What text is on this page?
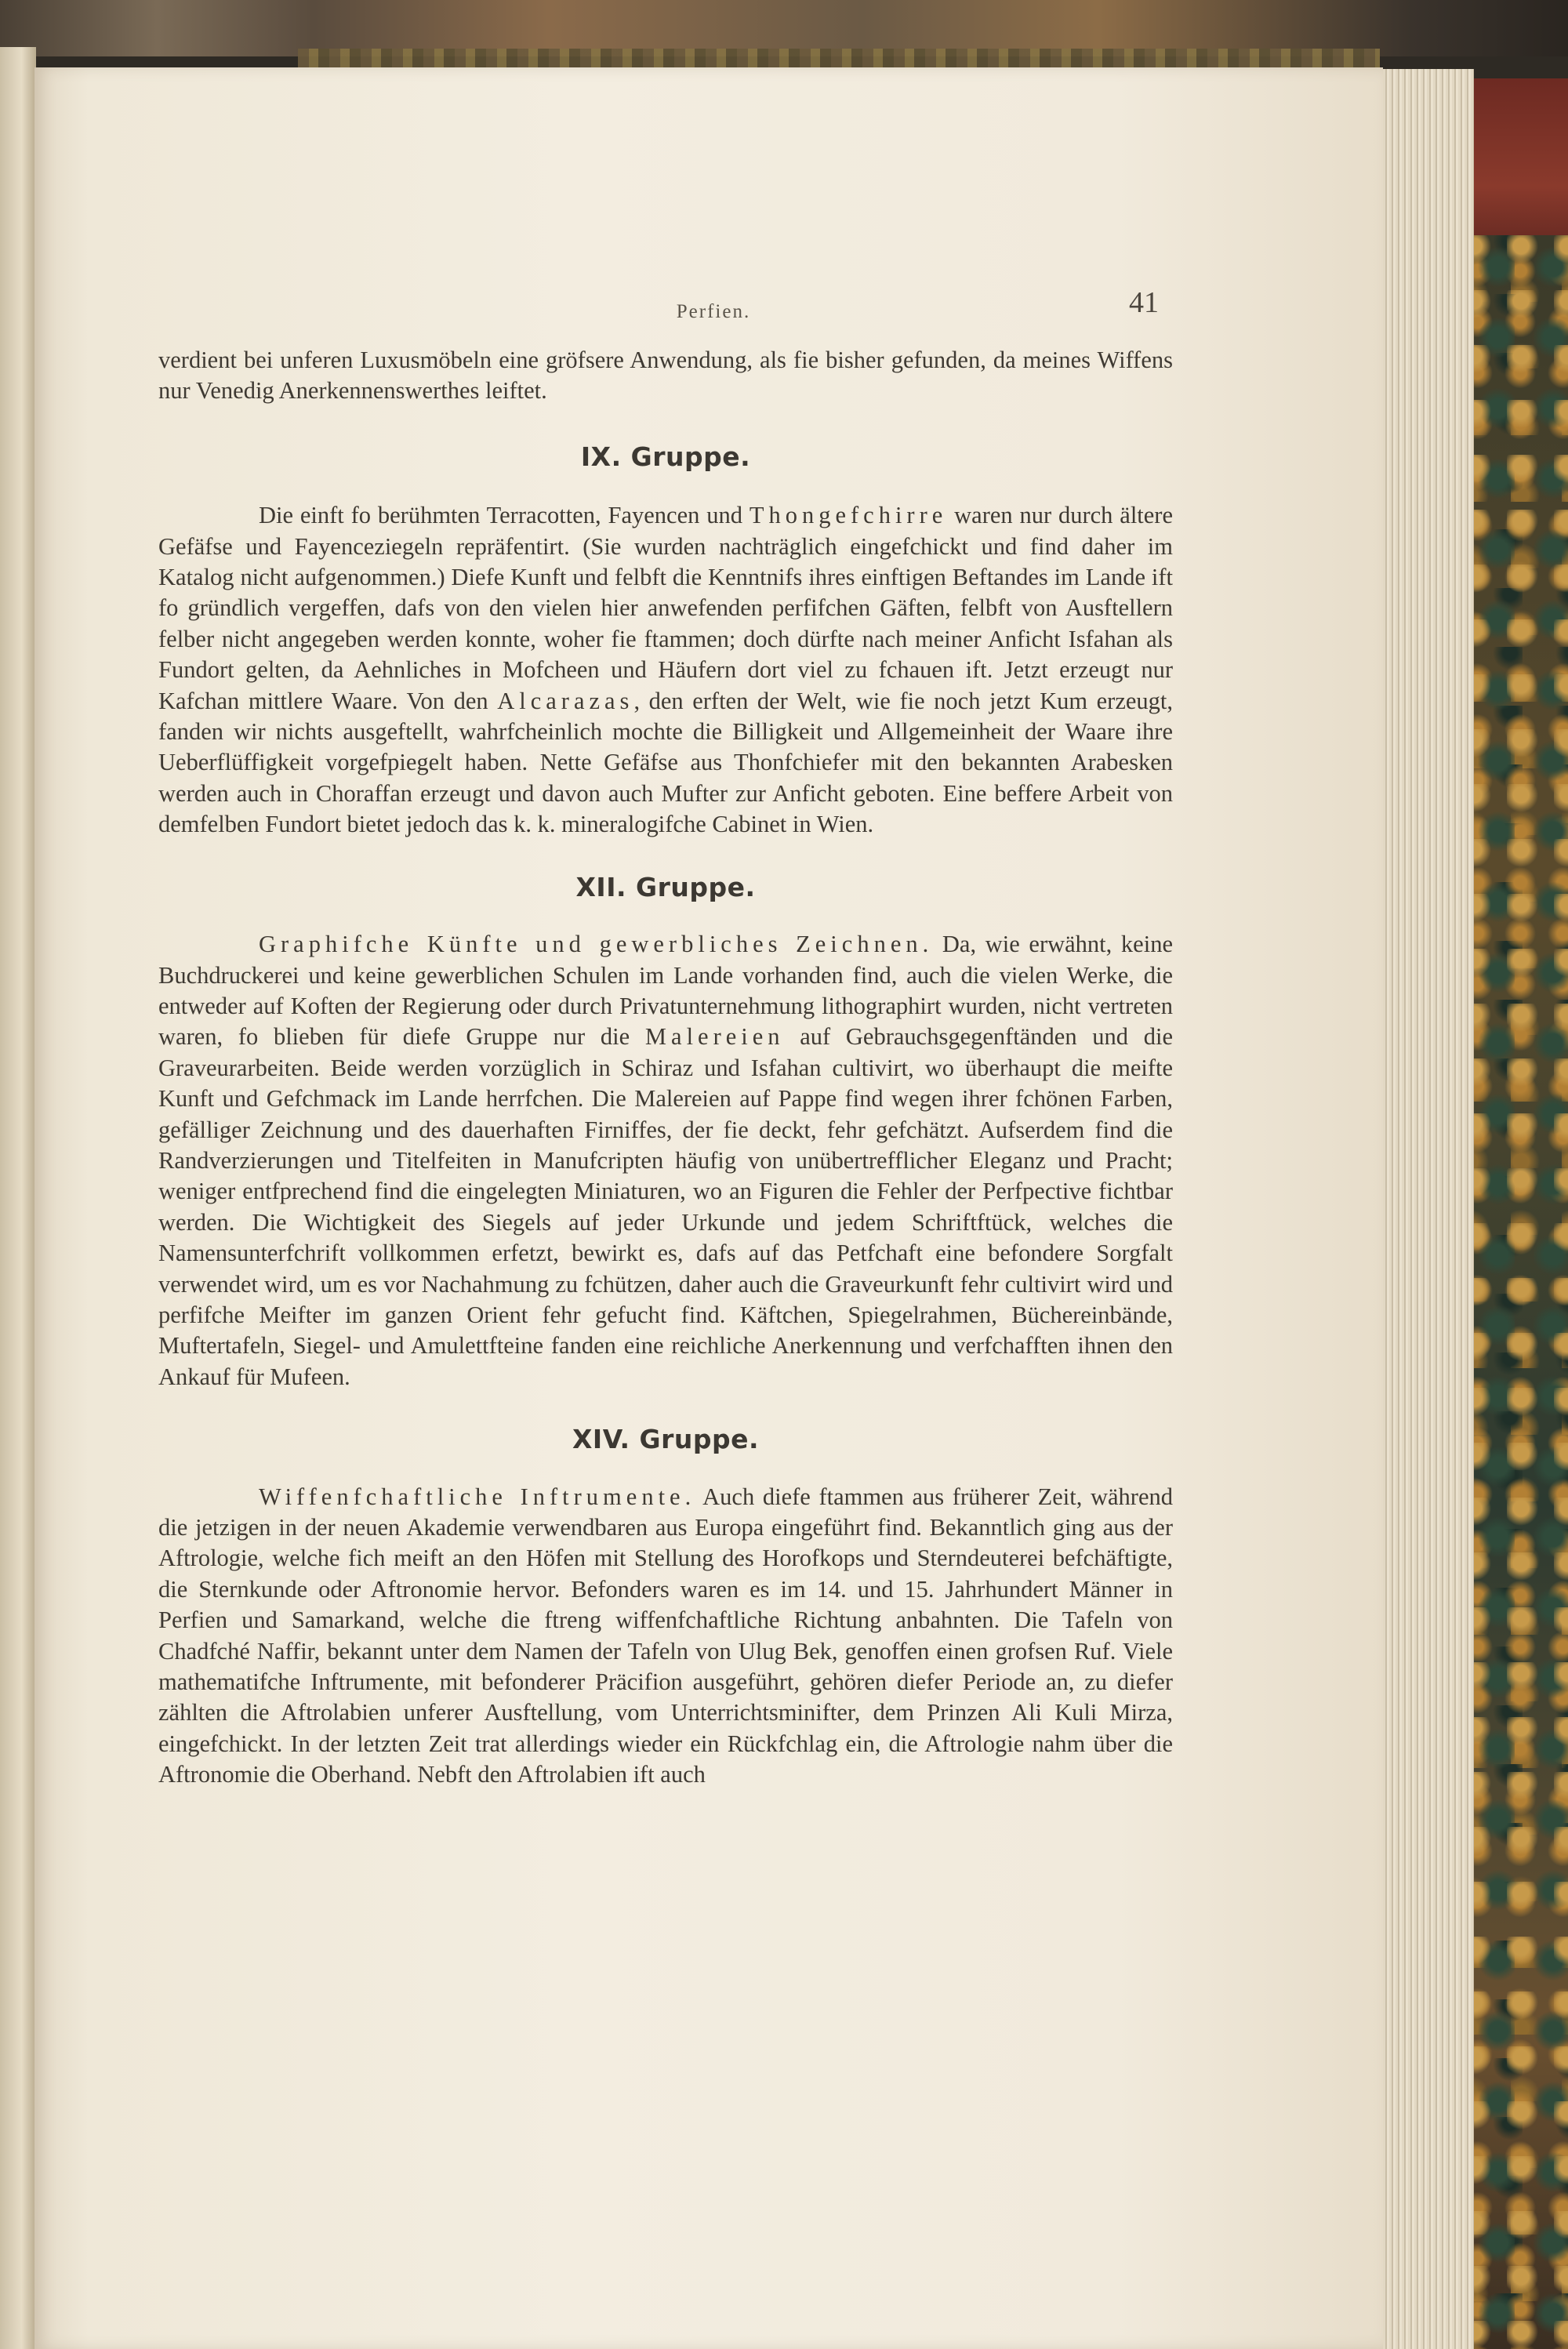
Perfien.	41

verdient bei unferen Luxusmöbeln eine gröfsere Anwendung, als fie bisher gefunden, da meines Wiffens nur Venedig Anerkennenswerthes leiftet.

IX. Gruppe.

Die einft fo berühmten Terracotten, Fayencen und Thongefchirre waren nur durch ältere Gefäfse und Fayenceziegeln repräfentirt. (Sie wurden nachträglich eingefchickt und find daher im Katalog nicht aufgenommen.) Diefe Kunft und felbft die Kenntnifs ihres einftigen Beftandes im Lande ift fo gründlich vergeffen, dafs von den vielen hier anwefenden perfifchen Gäften, felbft von Ausftellern felber nicht angegeben werden konnte, woher fie ftammen; doch dürfte nach meiner Anficht Isfahan als Fundort gelten, da Aehnliches in Mofcheen und Häufern dort viel zu fchauen ift. Jetzt erzeugt nur Kafchan mittlere Waare. Von den Alcarazas, den erften der Welt, wie fie noch jetzt Kum erzeugt, fanden wir nichts ausgeftellt, wahrfcheinlich mochte die Billigkeit und Allgemeinheit der Waare ihre Ueberflüffigkeit vorgefpiegelt haben. Nette Gefäfse aus Thonfchiefer mit den bekannten Arabesken werden auch in Choraffan erzeugt und davon auch Mufter zur Anficht geboten. Eine beffere Arbeit von demfelben Fundort bietet jedoch das k. k. mineralogifche Cabinet in Wien.

XII. Gruppe.

Graphifche Künfte und gewerbliches Zeichnen. Da, wie erwähnt, keine Buchdruckerei und keine gewerblichen Schulen im Lande vorhanden find, auch die vielen Werke, die entweder auf Koften der Regierung oder durch Privatunternehmung lithographirt wurden, nicht vertreten waren, fo blieben für diefe Gruppe nur die Malereien auf Gebrauchsgegenftänden und die Graveurarbeiten. Beide werden vorzüglich in Schiraz und Isfahan cultivirt, wo überhaupt die meifte Kunft und Gefchmack im Lande herrfchen. Die Malereien auf Pappe find wegen ihrer fchönen Farben, gefälliger Zeichnung und des dauerhaften Firniffes, der fie deckt, fehr gefchätzt. Aufserdem find die Randverzierungen und Titelfeiten in Manufcripten häufig von unübertrefflicher Eleganz und Pracht; weniger entfprechend find die eingelegten Miniaturen, wo an Figuren die Fehler der Perfpective fichtbar werden. Die Wichtigkeit des Siegels auf jeder Urkunde und jedem Schriftftück, welches die Namensunterfchrift vollkommen erfetzt, bewirkt es, dafs auf das Petfchaft eine befondere Sorgfalt verwendet wird, um es vor Nachahmung zu fchützen, daher auch die Graveurkunft fehr cultivirt wird und perfifche Meifter im ganzen Orient fehr gefucht find. Käftchen, Spiegelrahmen, Büchereinbände, Muftertafeln, Siegel- und Amulettfteine fanden eine reichliche Anerkennung und verfchafften ihnen den Ankauf für Mufeen.

XIV. Gruppe.

Wiffenfchaftliche Inftrumente. Auch diefe ftammen aus früherer Zeit, während die jetzigen in der neuen Akademie verwendbaren aus Europa eingeführt find. Bekanntlich ging aus der Aftrologie, welche fich meift an den Höfen mit Stellung des Horofkops und Sterndeuterei befchäftigte, die Sternkunde oder Aftronomie hervor. Befonders waren es im 14. und 15. Jahrhundert Männer in Perfien und Samarkand, welche die ftreng wiffenfchaftliche Richtung anbahnten. Die Tafeln von Chadfché Naffir, bekannt unter dem Namen der Tafeln von Ulug Bek, genoffen einen grofsen Ruf. Viele mathematifche Inftrumente, mit befonderer Präcifion ausgeführt, gehören diefer Periode an, zu diefer zählten die Aftrolabien unferer Ausftellung, vom Unterrichtsminifter, dem Prinzen Ali Kuli Mirza, eingefchickt. In der letzten Zeit trat allerdings wieder ein Rückfchlag ein, die Aftrologie nahm über die Aftronomie die Oberhand. Nebft den Aftrolabien ift auch
